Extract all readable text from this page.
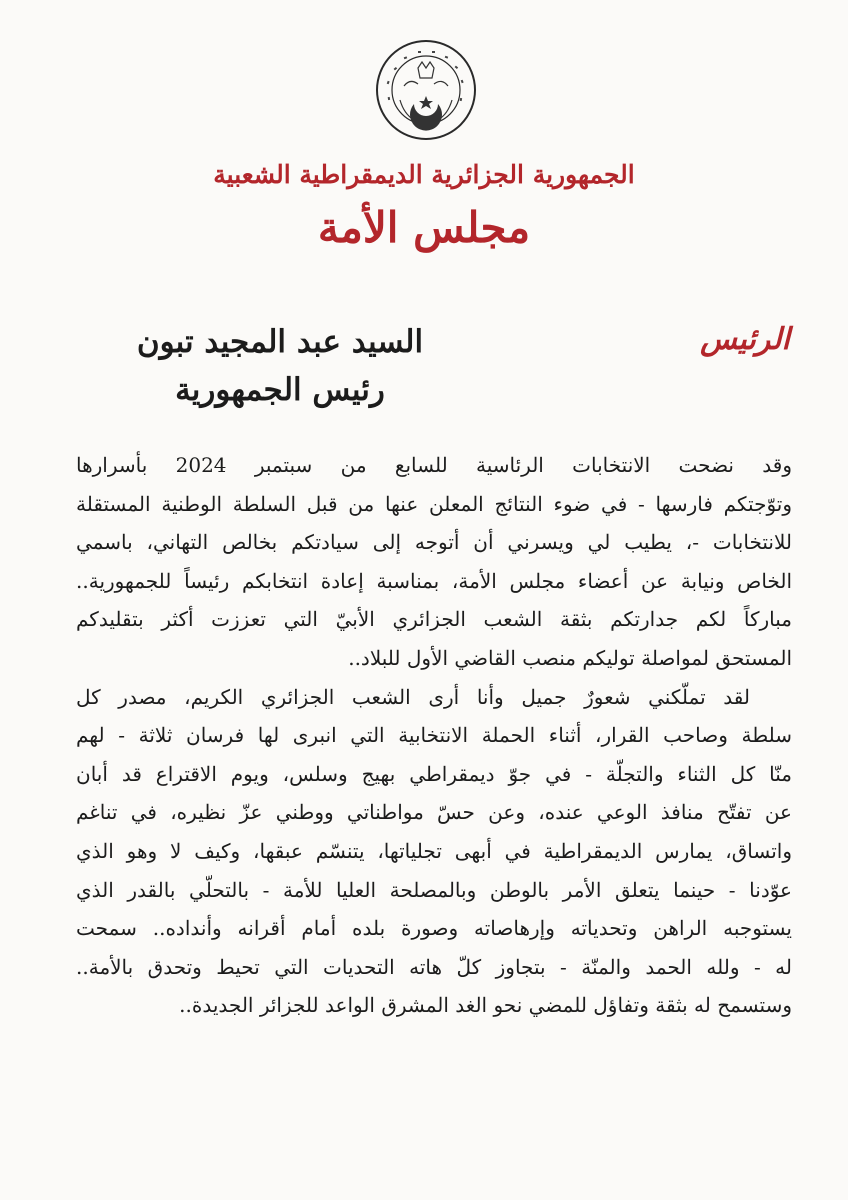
الجمهورية الجزائرية الديمقراطية الشعبية
مجلس الأمة
الرئيس
السيد عبد المجيد تبون
رئيس الجمهورية
وقد نضحت الانتخابات الرئاسية للسابع من سبتمبر 2024 بأسرارها
وتوّجتكم فارسها - في ضوء النتائج المعلن عنها من قبل السلطة الوطنية المستقلة
للانتخابات -، يطيب لي ويسرني أن أتوجه إلى سيادتكم بخالص التهاني، باسمي
الخاص ونيابة عن أعضاء مجلس الأمة، بمناسبة إعادة انتخابكم رئيساً للجمهورية..
مباركاً لكم جدارتكم بثقة الشعب الجزائري الأبيّ التي تعززت أكثر بتقليدكم
المستحق لمواصلة توليكم منصب القاضي الأول للبلاد..
لقد تملّكني شعورٌ جميل وأنا أرى الشعب الجزائري الكريم، مصدر كل
سلطة وصاحب القرار، أثناء الحملة الانتخابية التي انبرى لها فرسان ثلاثة - لهم
منّا كل الثناء والتجلّة - في جوّ ديمقراطي بهيج وسلس، ويوم الاقتراع قد أبان
عن تفتّح منافذ الوعي عنده، وعن حسّ مواطناتي ووطني عزّ نظيره، في تناغم
واتساق، يمارس الديمقراطية في أبهى تجلياتها، يتنسّم عبقها، وكيف لا وهو الذي
عوّدنا - حينما يتعلق الأمر بالوطن وبالمصلحة العليا للأمة - بالتحلّي بالقدر الذي
يستوجبه الراهن وتحدياته وإرهاصاته وصورة بلده أمام أقرانه وأنداده.. سمحت
له - ولله الحمد والمنّة - بتجاوز كلّ هاته التحديات التي تحيط وتحدق بالأمة..
وستسمح له بثقة وتفاؤل للمضي نحو الغد المشرق الواعد للجزائر الجديدة..
